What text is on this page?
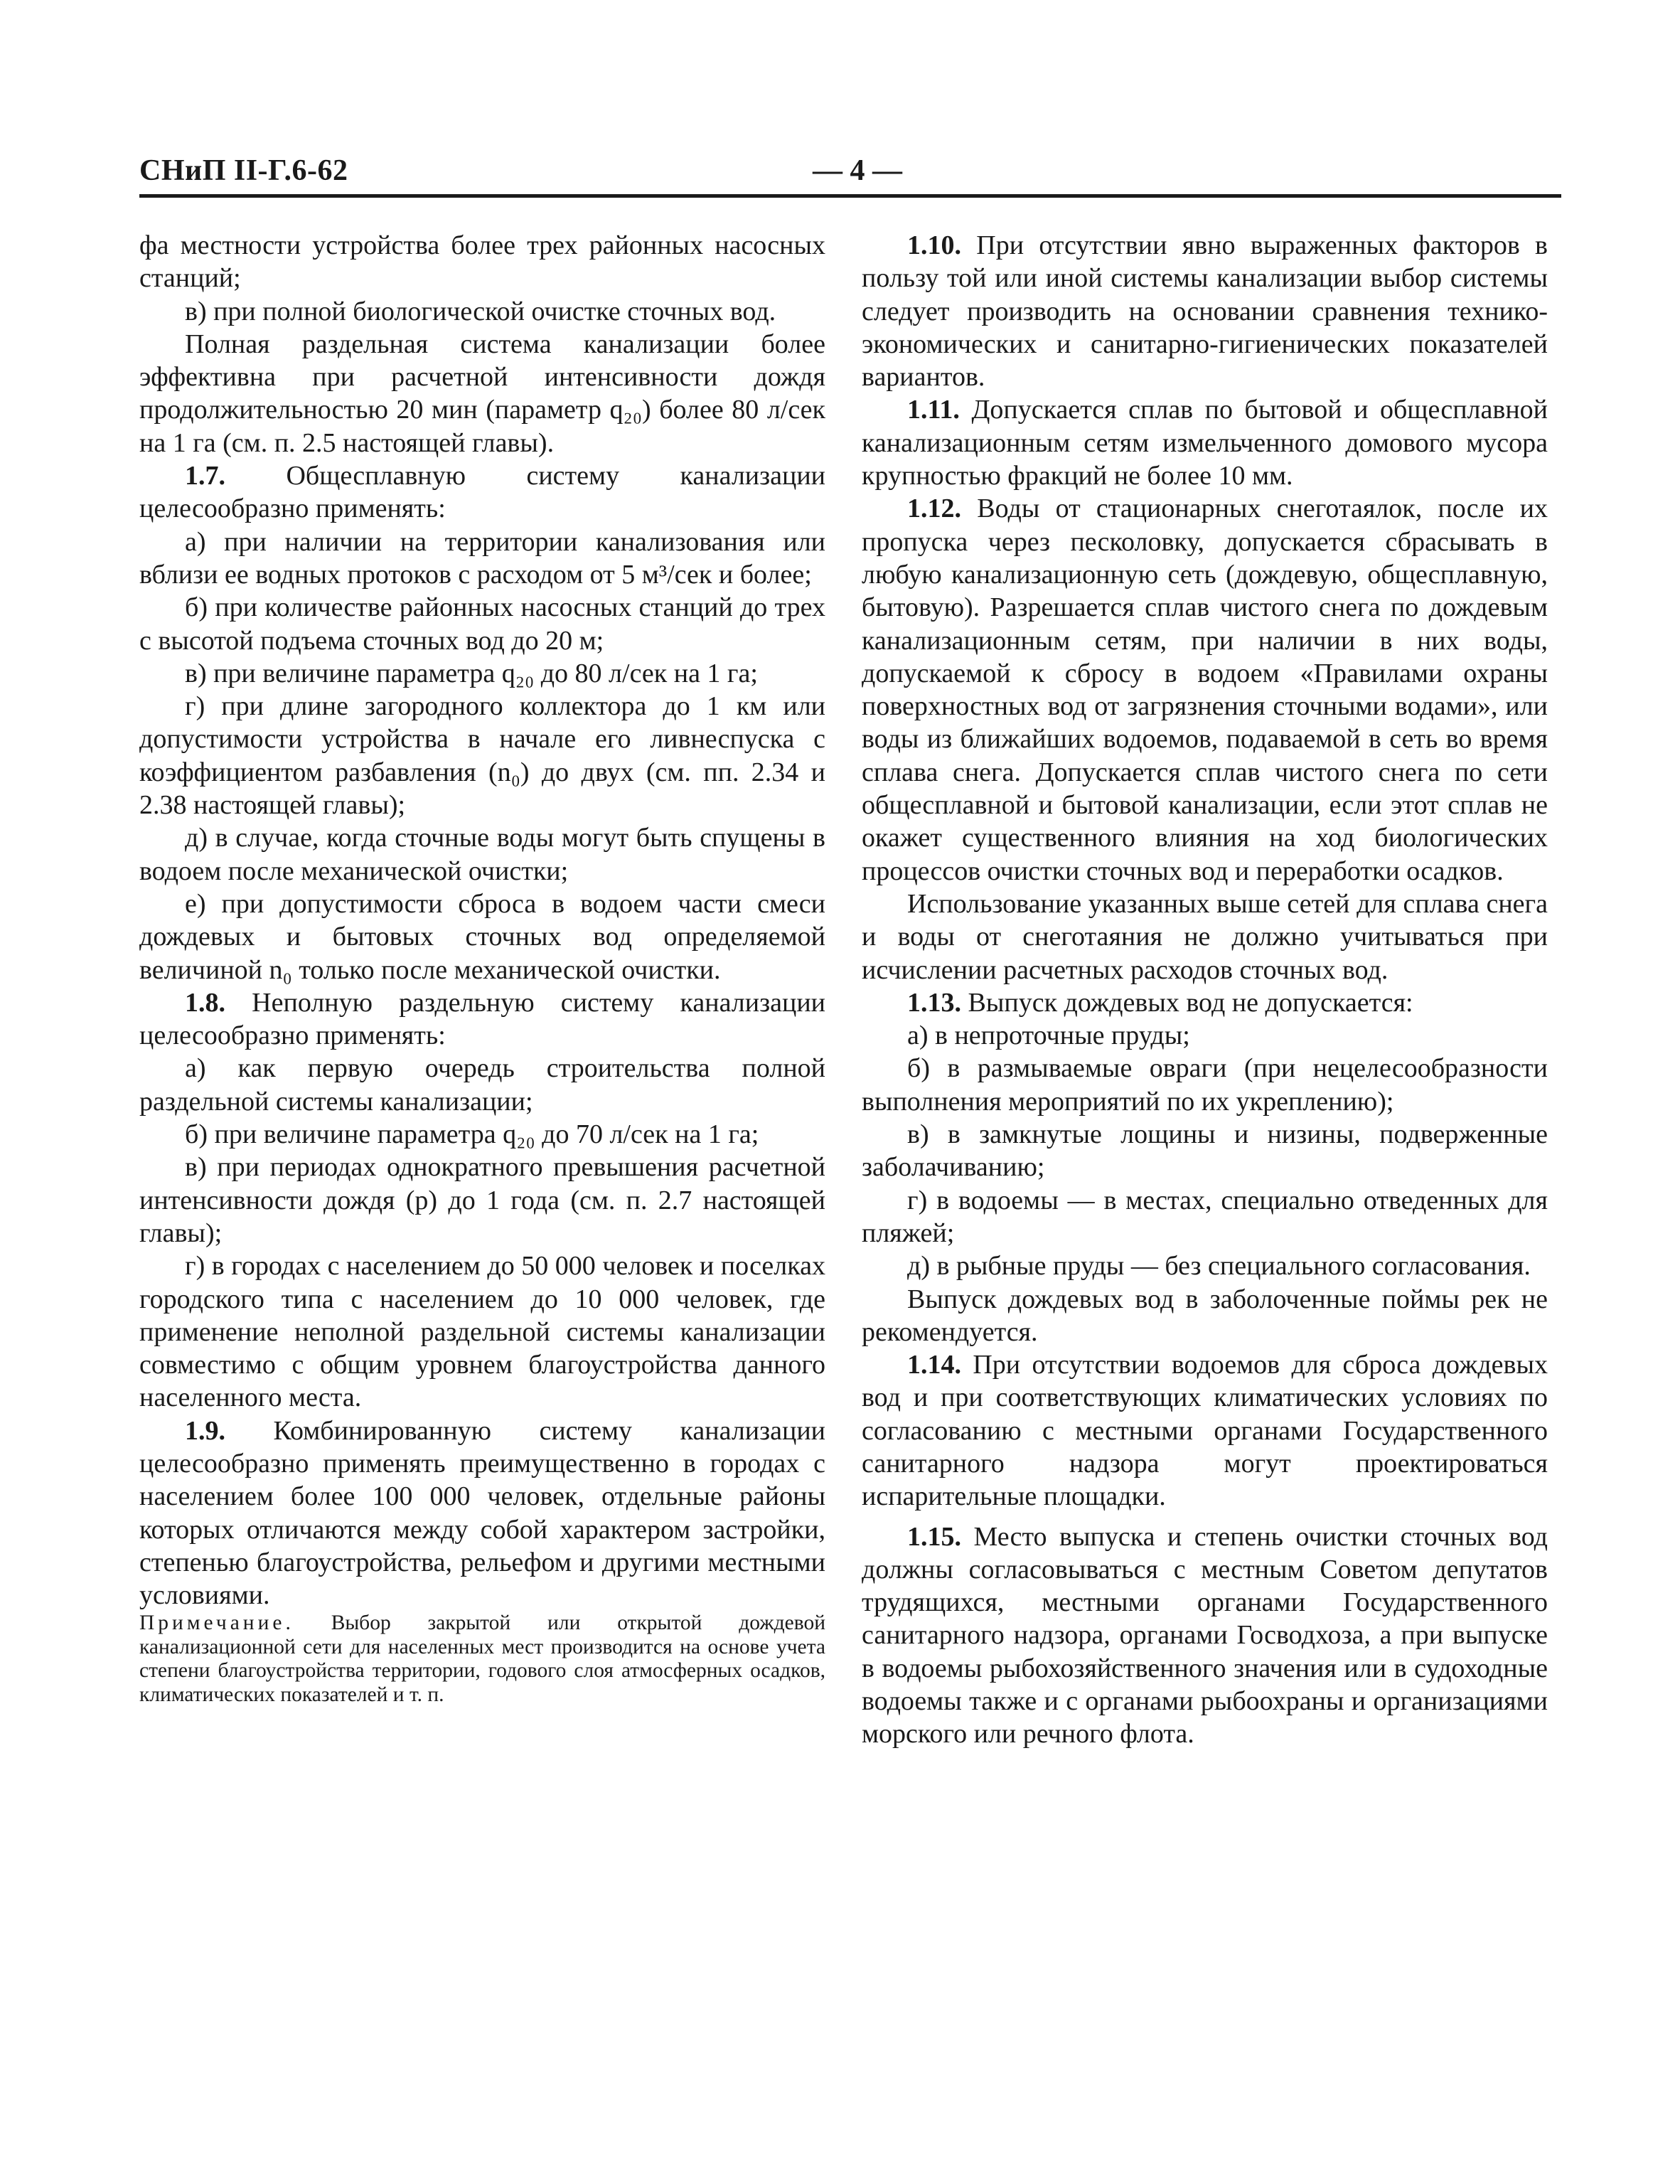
СНиП II-Г.6-62	— 4 —

фа местности устройства более трех районных насосных станций;

в) при полной биологической очистке сточных вод.

Полная раздельная система канализации более эффективна при расчетной интенсивности дождя продолжительностью 20 мин (параметр q₂₀) более 80 л/сек на 1 га (см. п. 2.5 настоящей главы).

1.7. Общесплавную систему канализации целесообразно применять:

а) при наличии на территории канализования или вблизи ее водных протоков с расходом от 5 м³/сек и более;

б) при количестве районных насосных станций до трех с высотой подъема сточных вод до 20 м;

в) при величине параметра q₂₀ до 80 л/сек на 1 га;

г) при длине загородного коллектора до 1 км или допустимости устройства в начале его ливнеспуска с коэффициентом разбавления (n₀) до двух (см. пп. 2.34 и 2.38 настоящей главы);

д) в случае, когда сточные воды могут быть спущены в водоем после механической очистки;

е) при допустимости сброса в водоем части смеси дождевых и бытовых сточных вод определяемой величиной n₀ только после механической очистки.

1.8. Неполную раздельную систему канализации целесообразно применять:

а) как первую очередь строительства полной раздельной системы канализации;

б) при величине параметра q₂₀ до 70 л/сек на 1 га;

в) при периодах однократного превышения расчетной интенсивности дождя (p) до 1 года (см. п. 2.7 настоящей главы);

г) в городах с населением до 50 000 человек и поселках городского типа с населением до 10 000 человек, где применение неполной раздельной системы канализации совместимо с общим уровнем благоустройства данного населенного места.

1.9. Комбинированную систему канализации целесообразно применять преимущественно в городах с населением более 100 000 человек, отдельные районы которых отличаются между собой характером застройки, степенью благоустройства, рельефом и другими местными условиями.

Примечание. Выбор закрытой или открытой дождевой канализационной сети для населенных мест производится на основе учета степени благоустройства территории, годового слоя атмосферных осадков, климатических показателей и т. п.

1.10. При отсутствии явно выраженных факторов в пользу той или иной системы канализации выбор системы следует производить на основании сравнения технико-экономических и санитарно-гигиенических показателей вариантов.

1.11. Допускается сплав по бытовой и общесплавной канализационным сетям измельченного домового мусора крупностью фракций не более 10 мм.

1.12. Воды от стационарных снеготаялок, после их пропуска через песколовку, допускается сбрасывать в любую канализационную сеть (дождевую, общесплавную, бытовую). Разрешается сплав чистого снега по дождевым канализационным сетям, при наличии в них воды, допускаемой к сбросу в водоем «Правилами охраны поверхностных вод от загрязнения сточными водами», или воды из ближайших водоемов, подаваемой в сеть во время сплава снега. Допускается сплав чистого снега по сети общесплавной и бытовой канализации, если этот сплав не окажет существенного влияния на ход биологических процессов очистки сточных вод и переработки осадков.

Использование указанных выше сетей для сплава снега и воды от снеготаяния не должно учитываться при исчислении расчетных расходов сточных вод.

1.13. Выпуск дождевых вод не допускается:

а) в непроточные пруды;

б) в размываемые овраги (при нецелесообразности выполнения мероприятий по их укреплению);

в) в замкнутые лощины и низины, подверженные заболачиванию;

г) в водоемы — в местах, специально отведенных для пляжей;

д) в рыбные пруды — без специального согласования.

Выпуск дождевых вод в заболоченные поймы рек не рекомендуется.

1.14. При отсутствии водоемов для сброса дождевых вод и при соответствующих климатических условиях по согласованию с местными органами Государственного санитарного надзора могут проектироваться испарительные площадки.

1.15. Место выпуска и степень очистки сточных вод должны согласовываться с местным Советом депутатов трудящихся, местными органами Государственного санитарного надзора, органами Госводхоза, а при выпуске в водоемы рыбохозяйственного значения или в судоходные водоемы также и с органами рыбоохраны и организациями морского или речного флота.
